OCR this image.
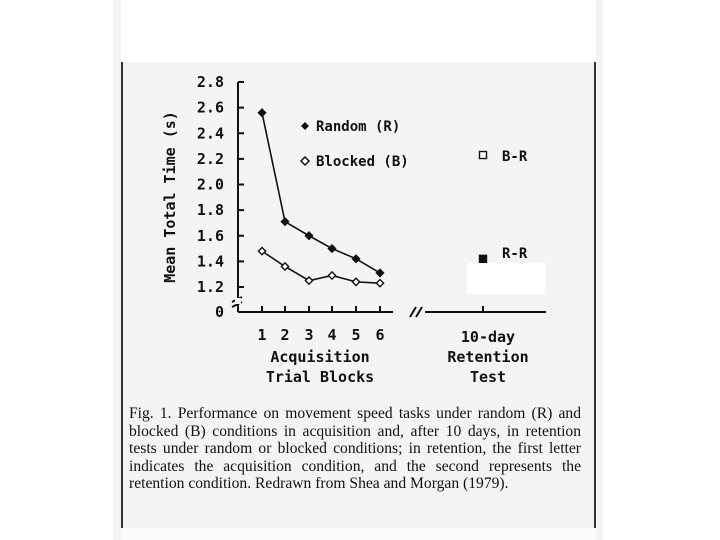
2.8
2.6
2.4
2.2
2.0
1.8
1.6
1.4
1.2
0
Mean Total Time (s)
1 2 3 4 5 6
Acquisition
Trial Blocks
10-day
Retention
Test
Random (R)
Blocked (B)	B-R
R-R
Fig. 1. Performance on movement speed tasks under random (R) and blocked (B) conditions in acquisition and, after 10 days, in retention tests under random or blocked conditions; in retention, the first letter indicates the acquisition condition, and the second represents the retention condition. Redrawn from Shea and Morgan (1979).
